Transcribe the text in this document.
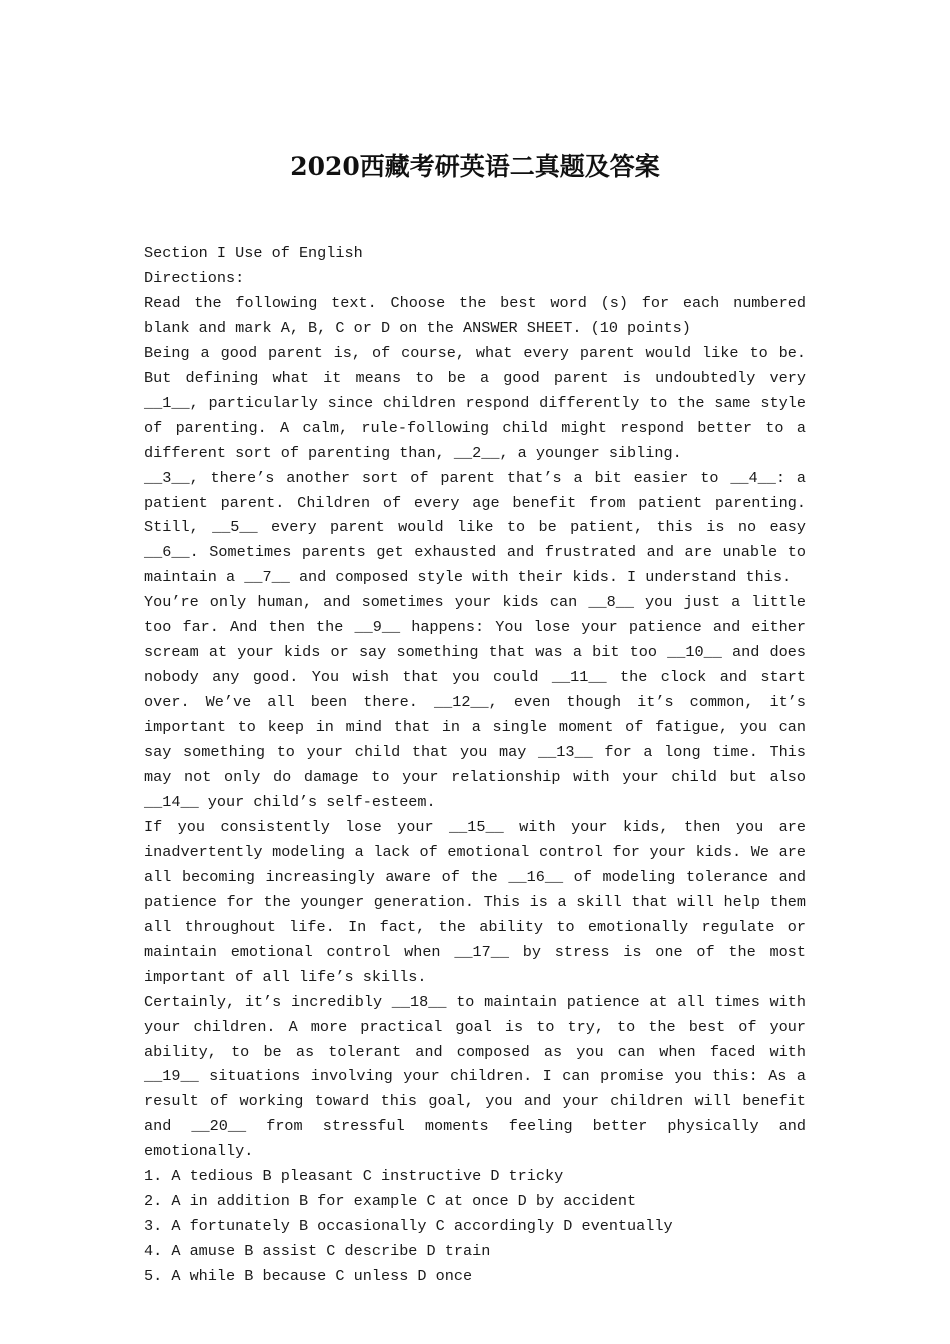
2020西藏考研英语二真题及答案

Section I Use of English

Directions:

Read the following text. Choose the best word (s) for each numbered blank and mark A, B, C or D on the ANSWER SHEET. (10 points)

Being a good parent is, of course, what every parent would like to be. But defining what it means to be a good parent is undoubtedly very __1__, particularly since children respond differently to the same style of parenting. A calm, rule-following child might respond better to a different sort of parenting than, __2__, a younger sibling.

__3__, there’s another sort of parent that’s a bit easier to __4__: a patient parent. Children of every age benefit from patient parenting. Still, __5__ every parent would like to be patient, this is no easy __6__. Sometimes parents get exhausted and frustrated and are unable to maintain a __7__ and composed style with their kids. I understand this.

You’re only human, and sometimes your kids can __8__ you just a little too far. And then the __9__ happens: You lose your patience and either scream at your kids or say something that was a bit too __10__ and does nobody any good. You wish that you could __11__ the clock and start over. We’ve all been there. __12__, even though it’s common, it’s important to keep in mind that in a single moment of fatigue, you can say something to your child that you may __13__ for a long time. This may not only do damage to your relationship with your child but also __14__ your child’s self-esteem.

If you consistently lose your __15__ with your kids, then you are inadvertently modeling a lack of emotional control for your kids. We are all becoming increasingly aware of the __16__ of modeling tolerance and patience for the younger generation. This is a skill that will help them all throughout life. In fact, the ability to emotionally regulate or maintain emotional control when __17__ by stress is one of the most important of all life’s skills.

Certainly, it’s incredibly __18__ to maintain patience at all times with your children. A more practical goal is to try, to the best of your ability, to be as tolerant and composed as you can when faced with __19__ situations involving your children. I can promise you this: As a result of working toward this goal, you and your children will benefit and __20__ from stressful moments feeling better physically and emotionally.

1. A tedious B pleasant C instructive D tricky

2. A in addition B for example C at once D by accident

3. A fortunately B occasionally C accordingly D eventually

4. A amuse B assist C describe D train

5. A while B because C unless D once
